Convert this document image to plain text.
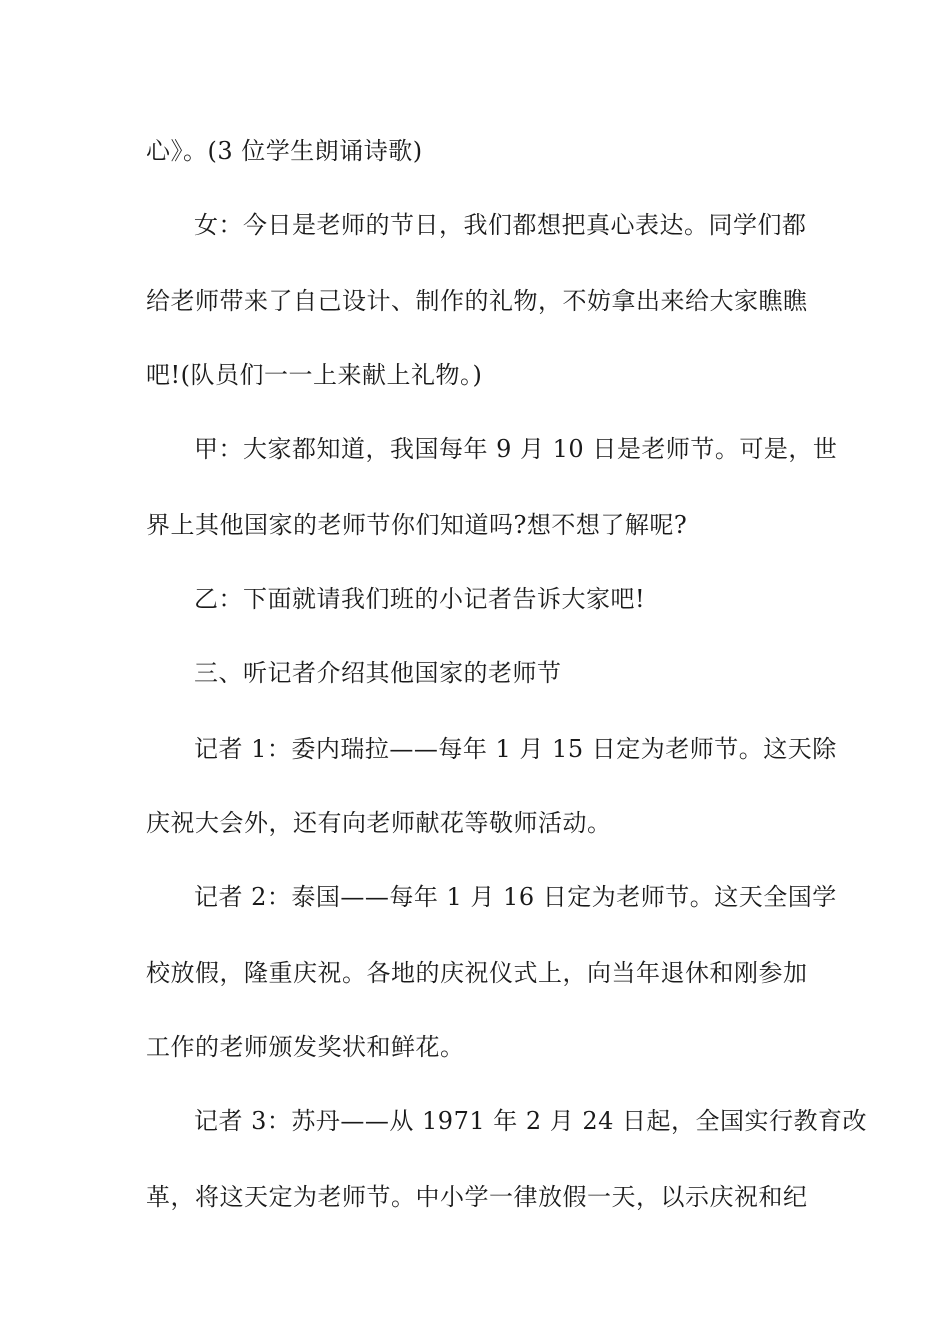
心》。(3 位学生朗诵诗歌)
女：今日是老师的节日，我们都想把真心表达。同学们都
给老师带来了自己设计、制作的礼物，不妨拿出来给大家瞧瞧
吧!(队员们一一上来献上礼物。)
甲：大家都知道，我国每年 9 月 10 日是老师节。可是，世
界上其他国家的老师节你们知道吗?想不想了解呢?
乙：下面就请我们班的小记者告诉大家吧!
三、听记者介绍其他国家的老师节
记者 1：委内瑞拉——每年 1 月 15 日定为老师节。这天除
庆祝大会外，还有向老师献花等敬师活动。
记者 2：泰国——每年 1 月 16 日定为老师节。这天全国学
校放假，隆重庆祝。各地的庆祝仪式上，向当年退休和刚参加
工作的老师颁发奖状和鲜花。
记者 3：苏丹——从 1971 年 2 月 24 日起，全国实行教育改
革，将这天定为老师节。中小学一律放假一天，以示庆祝和纪
